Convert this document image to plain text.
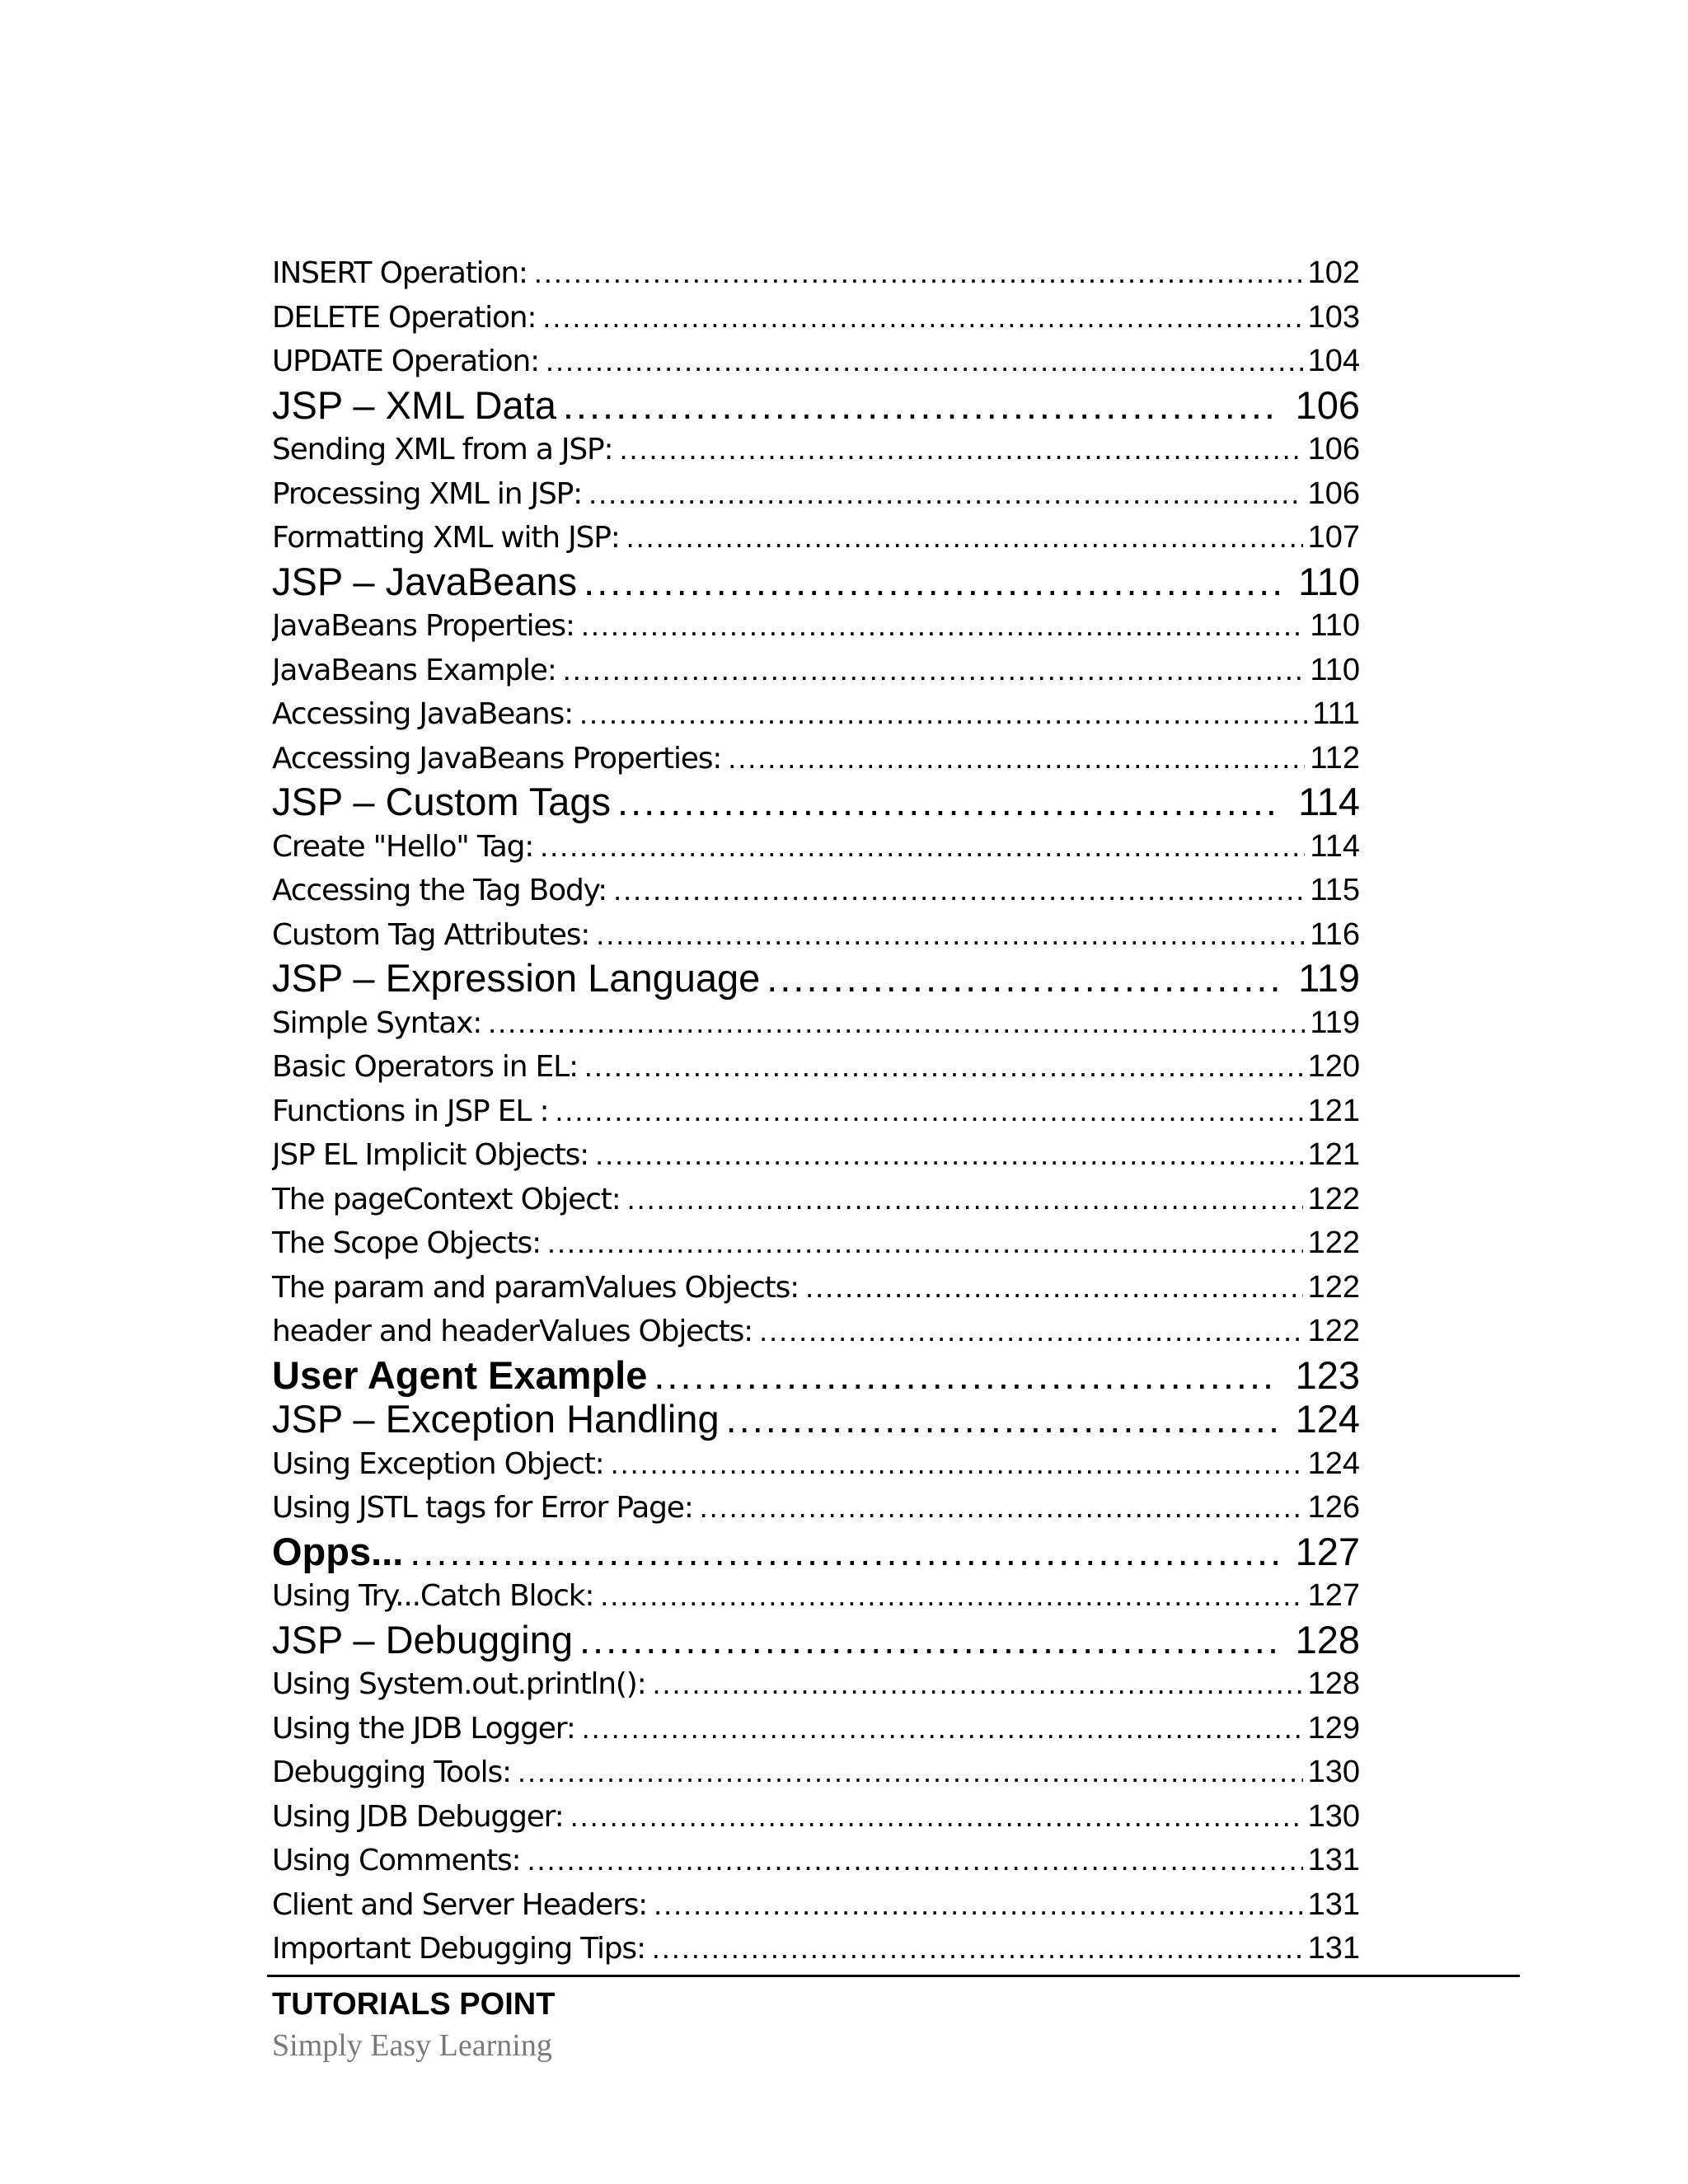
INSERT Operation: .....	102
DELETE Operation: .....	103
UPDATE Operation: .....	104
JSP – XML Data .....	106
Sending XML from a JSP: .....	106
Processing XML in JSP: .....	106
Formatting XML with JSP: .....	107
JSP – JavaBeans .....	110
JavaBeans Properties: .....	110
JavaBeans Example: .....	110
Accessing JavaBeans: .....	111
Accessing JavaBeans Properties: .....	112
JSP – Custom Tags .....	114
Create "Hello" Tag: .....	114
Accessing the Tag Body: .....	115
Custom Tag Attributes: .....	116
JSP – Expression Language .....	119
Simple Syntax: .....	119
Basic Operators in EL: .....	120
Functions in JSP EL : .....	121
JSP EL Implicit Objects: .....	121
The pageContext Object: .....	122
The Scope Objects: .....	122
The param and paramValues Objects: .....	122
header and headerValues Objects: .....	122
User Agent Example .....	123
JSP – Exception Handling .....	124
Using Exception Object: .....	124
Using JSTL tags for Error Page: .....	126
Opps... .....	127
Using Try...Catch Block: .....	127
JSP – Debugging .....	128
Using System.out.println(): .....	128
Using the JDB Logger: .....	129
Debugging Tools: .....	130
Using JDB Debugger: .....	130
Using Comments: .....	131
Client and Server Headers: .....	131
Important Debugging Tips: .....	131
TUTORIALS POINT
Simply Easy Learning
